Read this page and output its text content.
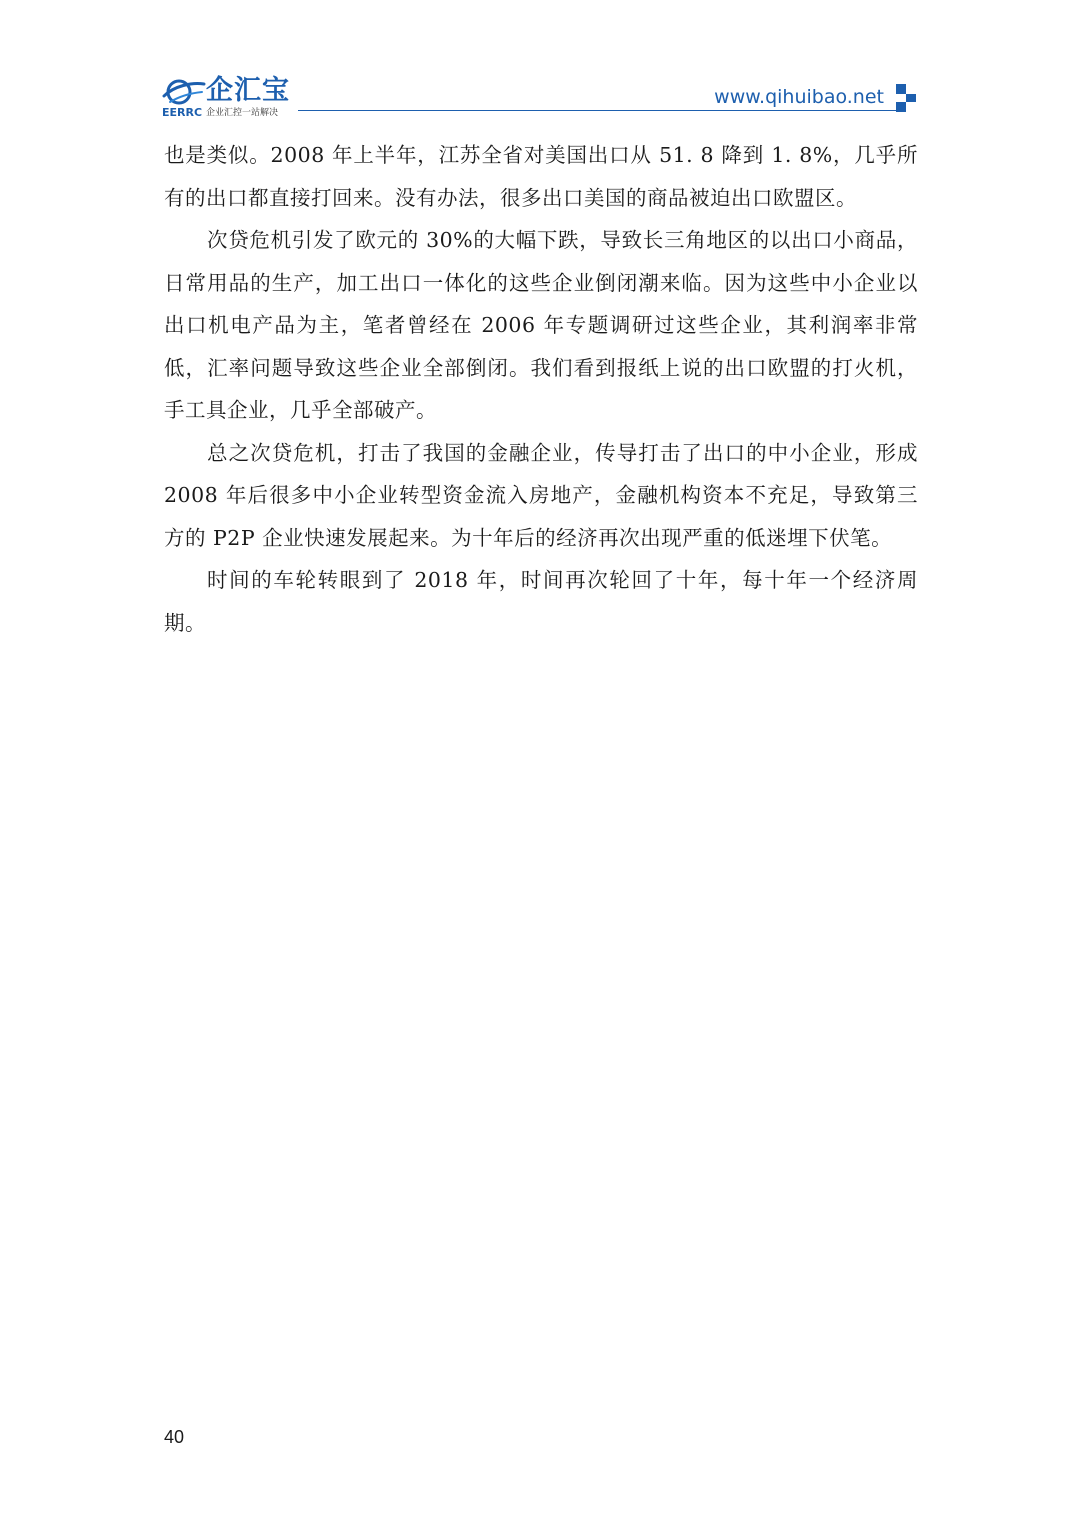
企汇宝
EERRC 企业汇控一站解决
www.qihuibao.net

也是类似。2008 年上半年，江苏全省对美国出口从 51. 8 降到 1. 8%，几乎所有的出口都直接打回来。没有办法，很多出口美国的商品被迫出口欧盟区。

次贷危机引发了欧元的 30%的大幅下跌，导致长三角地区的以出口小商品，日常用品的生产，加工出口一体化的这些企业倒闭潮来临。因为这些中小企业以出口机电产品为主，笔者曾经在 2006 年专题调研过这些企业，其利润率非常低，汇率问题导致这些企业全部倒闭。我们看到报纸上说的出口欧盟的打火机，手工具企业，几乎全部破产。

总之次贷危机，打击了我国的金融企业，传导打击了出口的中小企业，形成 2008 年后很多中小企业转型资金流入房地产，金融机构资本不充足，导致第三方的 P2P 企业快速发展起来。为十年后的经济再次出现严重的低迷埋下伏笔。

时间的车轮转眼到了 2018 年，时间再次轮回了十年，每十年一个经济周期。

40
